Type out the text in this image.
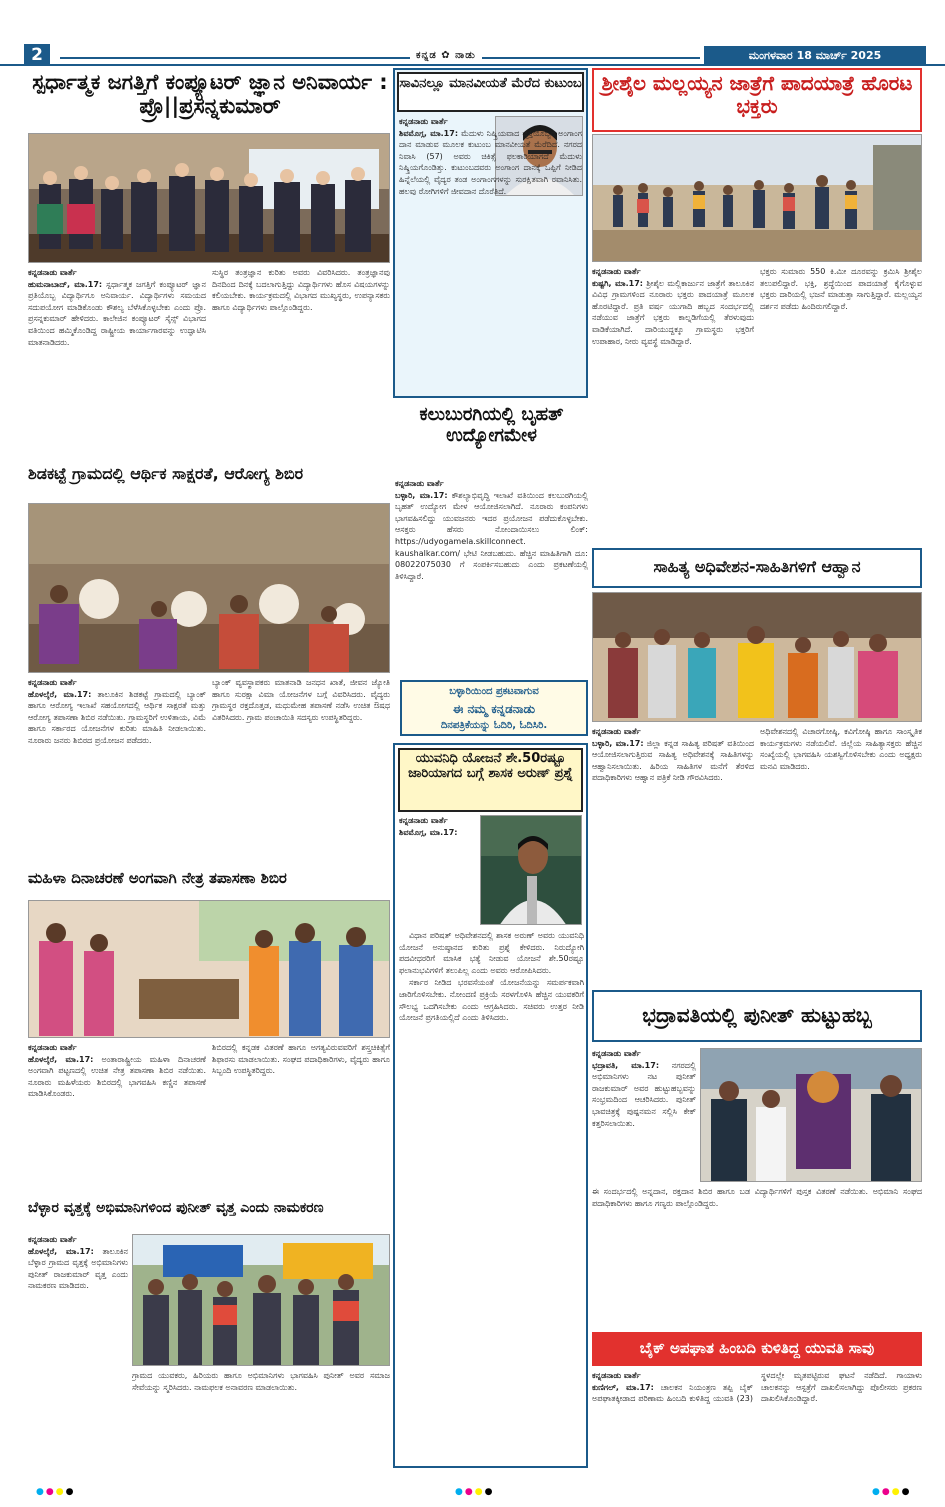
2	ಕನ್ನಡ ✿ ನಾಡು	ಮಂಗಳವಾರ 18 ಮಾರ್ಚ್ 2025
ಸ್ಪರ್ಧಾತ್ಮಕ ಜಗತ್ತಿಗೆ ಕಂಪ್ಯೂಟರ್ ಜ್ಞಾನ ಅನಿವಾರ್ಯ : ಪ್ರೊ||ಪ್ರಸನ್ನಕುಮಾರ್
ಕನ್ನಡನಾಡು ವಾರ್ತೆ
ಹುಮನಾಬಾದ್, ಮಾ.17: ಸ್ಪರ್ಧಾತ್ಮಕ ಜಗತ್ತಿಗೆ ಕಂಪ್ಯೂಟರ್ ಜ್ಞಾನ ಪ್ರತಿಯೊಬ್ಬ ವಿದ್ಯಾರ್ಥಿಗೂ ಅನಿವಾರ್ಯ. ವಿದ್ಯಾರ್ಥಿಗಳು ಸಮಯದ ಸದುಪಯೋಗ ಮಾಡಿಕೊಂಡು ಕೌಶಲ್ಯ ಬೆಳೆಸಿಕೊಳ್ಳಬೇಕು ಎಂದು ಪ್ರೊ. ಪ್ರಸನ್ನಕುಮಾರ್ ಹೇಳಿದರು. ಕಾಲೇಜಿನ ಕಂಪ್ಯೂಟರ್ ಸೈನ್ಸ್ ವಿಭಾಗದ ವತಿಯಿಂದ ಹಮ್ಮಿಕೊಂಡಿದ್ದ ರಾಷ್ಟ್ರೀಯ ಕಾರ್ಯಾಗಾರವನ್ನು ಉದ್ಘಾಟಿಸಿ ಮಾತನಾಡಿದರು.
ಸುಸ್ಥಿರ ತಂತ್ರಜ್ಞಾನ ಕುರಿತು ಅವರು ವಿವರಿಸಿದರು. ತಂತ್ರಜ್ಞಾನವು ದಿನದಿಂದ ದಿನಕ್ಕೆ ಬದಲಾಗುತ್ತಿದ್ದು ವಿದ್ಯಾರ್ಥಿಗಳು ಹೊಸ ವಿಷಯಗಳನ್ನು ಕಲಿಯಬೇಕು. ಕಾರ್ಯಕ್ರಮದಲ್ಲಿ ವಿಭಾಗದ ಮುಖ್ಯಸ್ಥರು, ಉಪನ್ಯಾಸಕರು ಹಾಗೂ ವಿದ್ಯಾರ್ಥಿಗಳು ಪಾಲ್ಗೊಂಡಿದ್ದರು.
ಸಾವಿನಲ್ಲೂ ಮಾನವೀಯತೆ ಮೆರೆದ ಕುಟುಂಬ
ಕನ್ನಡನಾಡು ವಾರ್ತೆ
ಶಿವಮೊಗ್ಗ, ಮಾ.17: ಮೆದುಳು ನಿಷ್ಕ್ರಿಯವಾದ ವ್ಯಕ್ತಿಯೊಬ್ಬರ ಅಂಗಾಂಗ ದಾನ ಮಾಡುವ ಮೂಲಕ ಕುಟುಂಬ ಮಾನವೀಯತೆ ಮೆರೆದಿದೆ. ನಗರದ ನಿವಾಸಿ (57) ಅವರು ಚಿಕಿತ್ಸೆ ಫಲಕಾರಿಯಾಗದೆ ಮೆದುಳು ನಿಷ್ಕ್ರಿಯಗೊಂಡಿತ್ತು. ಕುಟುಂಬದವರು ಅಂಗಾಂಗ ದಾನಕ್ಕೆ ಒಪ್ಪಿಗೆ ನೀಡಿದ ಹಿನ್ನೆಲೆಯಲ್ಲಿ ವೈದ್ಯರ ತಂಡ ಅಂಗಾಂಗಗಳನ್ನು ಸುರಕ್ಷಿತವಾಗಿ ರವಾನಿಸಿತು. ಹಲವು ರೋಗಿಗಳಿಗೆ ಜೀವದಾನ ದೊರೆತಿದೆ.
ಶ್ರೀಶೈಲ ಮಲ್ಲಯ್ಯನ ಜಾತ್ರೆಗೆ ಪಾದಯಾತ್ರೆ ಹೊರಟ ಭಕ್ತರು
ಕನ್ನಡನಾಡು ವಾರ್ತೆ
ಕುಷ್ಟಗಿ, ಮಾ.17: ಶ್ರೀಶೈಲ ಮಲ್ಲಿಕಾರ್ಜುನ ಜಾತ್ರೆಗೆ ತಾಲೂಕಿನ ವಿವಿಧ ಗ್ರಾಮಗಳಿಂದ ನೂರಾರು ಭಕ್ತರು ಪಾದಯಾತ್ರೆ ಮೂಲಕ ಹೊರಟಿದ್ದಾರೆ. ಪ್ರತಿ ವರ್ಷ ಯುಗಾದಿ ಹಬ್ಬದ ಸಂದರ್ಭದಲ್ಲಿ ನಡೆಯುವ ಜಾತ್ರೆಗೆ ಭಕ್ತರು ಕಾಲ್ನಡಿಗೆಯಲ್ಲಿ ತೆರಳುವುದು ವಾಡಿಕೆಯಾಗಿದೆ. ದಾರಿಯುದ್ದಕ್ಕೂ ಗ್ರಾಮಸ್ಥರು ಭಕ್ತರಿಗೆ ಉಪಾಹಾರ, ನೀರು ವ್ಯವಸ್ಥೆ ಮಾಡಿದ್ದಾರೆ.
ಭಕ್ತರು ಸುಮಾರು 550 ಕಿ.ಮೀ ದೂರವನ್ನು ಕ್ರಮಿಸಿ ಶ್ರೀಶೈಲ ತಲುಪಲಿದ್ದಾರೆ. ಭಕ್ತಿ, ಶ್ರದ್ಧೆಯಿಂದ ಪಾದಯಾತ್ರೆ ಕೈಗೊಳ್ಳುವ ಭಕ್ತರು ದಾರಿಯಲ್ಲಿ ಭಜನೆ ಮಾಡುತ್ತಾ ಸಾಗುತ್ತಿದ್ದಾರೆ. ಮಲ್ಲಯ್ಯನ ದರ್ಶನ ಪಡೆದು ಹಿಂದಿರುಗಲಿದ್ದಾರೆ.
ಕಲುಬುರಗಿಯಲ್ಲಿ ಬೃಹತ್ ಉದ್ಯೋಗಮೇಳ
ಕನ್ನಡನಾಡು ವಾರ್ತೆ
ಬಳ್ಳಾರಿ, ಮಾ.17: ಕೌಶಲ್ಯಾಭಿವೃದ್ಧಿ ಇಲಾಖೆ ವತಿಯಿಂದ ಕಲಬುರಗಿಯಲ್ಲಿ ಬೃಹತ್ ಉದ್ಯೋಗ ಮೇಳ ಆಯೋಜಿಸಲಾಗಿದೆ. ನೂರಾರು ಕಂಪನಿಗಳು ಭಾಗವಹಿಸಲಿದ್ದು ಯುವಜನರು ಇದರ ಪ್ರಯೋಜನ ಪಡೆದುಕೊಳ್ಳಬೇಕು. ಆಸಕ್ತರು ಹೆಸರು ನೋಂದಾಯಿಸಲು ಲಿಂಕ್: https://udyogamela.skillconnect. kaushalkar.com/ ಭೇಟಿ ನೀಡಬಹುದು. ಹೆಚ್ಚಿನ ಮಾಹಿತಿಗಾಗಿ ದೂ: 08022075030 ಗೆ ಸಂಪರ್ಕಿಸಬಹುದು ಎಂದು ಪ್ರಕಟಣೆಯಲ್ಲಿ ತಿಳಿಸಿದ್ದಾರೆ.
ಬಳ್ಳಾರಿಯಿಂದ ಪ್ರಕಟವಾಗುವ
ಈ ನಮ್ಮ ಕನ್ನಡನಾಡು
ದಿನಪತ್ರಿಕೆಯನ್ನು ಓದಿರಿ, ಓದಿಸಿರಿ.
ಶಿಡಕಟ್ಟೆ ಗ್ರಾಮದಲ್ಲಿ ಆರ್ಥಿಕ ಸಾಕ್ಷರತೆ, ಆರೋಗ್ಯ ಶಿಬಿರ
ಕನ್ನಡನಾಡು ವಾರ್ತೆ
ಹೊಳಲ್ಕೆರೆ, ಮಾ.17: ತಾಲೂಕಿನ ಶಿಡಕಟ್ಟೆ ಗ್ರಾಮದಲ್ಲಿ ಬ್ಯಾಂಕ್ ಹಾಗೂ ಆರೋಗ್ಯ ಇಲಾಖೆ ಸಹಯೋಗದಲ್ಲಿ ಆರ್ಥಿಕ ಸಾಕ್ಷರತೆ ಮತ್ತು ಆರೋಗ್ಯ ತಪಾಸಣಾ ಶಿಬಿರ ನಡೆಯಿತು. ಗ್ರಾಮಸ್ಥರಿಗೆ ಉಳಿತಾಯ, ವಿಮೆ ಹಾಗೂ ಸರ್ಕಾರದ ಯೋಜನೆಗಳ ಕುರಿತು ಮಾಹಿತಿ ನೀಡಲಾಯಿತು. ನೂರಾರು ಜನರು ಶಿಬಿರದ ಪ್ರಯೋಜನ ಪಡೆದರು.
ಬ್ಯಾಂಕ್ ವ್ಯವಸ್ಥಾಪಕರು ಮಾತನಾಡಿ ಜನಧನ ಖಾತೆ, ಜೀವನ ಜ್ಯೋತಿ ಹಾಗೂ ಸುರಕ್ಷಾ ವಿಮಾ ಯೋಜನೆಗಳ ಬಗ್ಗೆ ವಿವರಿಸಿದರು. ವೈದ್ಯರು ಗ್ರಾಮಸ್ಥರ ರಕ್ತದೊತ್ತಡ, ಮಧುಮೇಹ ತಪಾಸಣೆ ನಡೆಸಿ ಉಚಿತ ಔಷಧ ವಿತರಿಸಿದರು. ಗ್ರಾಮ ಪಂಚಾಯಿತಿ ಸದಸ್ಯರು ಉಪಸ್ಥಿತರಿದ್ದರು.
ಯುವನಿಧಿ ಯೋಜನೆ ಶೇ.50ರಷ್ಟೂ ಜಾರಿಯಾಗದ ಬಗ್ಗೆ ಶಾಸಕ ಅರುಣ್ ಪ್ರಶ್ನೆ
ಕನ್ನಡನಾಡು ವಾರ್ತೆ
ಶಿವಮೊಗ್ಗ, ಮಾ.17:

ವಿಧಾನ ಪರಿಷತ್ ಅಧಿವೇಶನದಲ್ಲಿ ಶಾಸಕ ಅರುಣ್ ಅವರು ಯುವನಿಧಿ ಯೋಜನೆ ಅನುಷ್ಠಾನದ ಕುರಿತು ಪ್ರಶ್ನೆ ಕೇಳಿದರು. ನಿರುದ್ಯೋಗಿ ಪದವೀಧರರಿಗೆ ಮಾಸಿಕ ಭತ್ಯೆ ನೀಡುವ ಯೋಜನೆ ಶೇ.50ರಷ್ಟೂ ಫಲಾನುಭವಿಗಳಿಗೆ ತಲುಪಿಲ್ಲ ಎಂದು ಅವರು ಆರೋಪಿಸಿದರು.

ಸರ್ಕಾರ ನೀಡಿದ ಭರವಸೆಯಂತೆ ಯೋಜನೆಯನ್ನು ಸಮರ್ಪಕವಾಗಿ ಜಾರಿಗೊಳಿಸಬೇಕು. ನೋಂದಣಿ ಪ್ರಕ್ರಿಯೆ ಸರಳಗೊಳಿಸಿ ಹೆಚ್ಚಿನ ಯುವಕರಿಗೆ ಸೌಲಭ್ಯ ಒದಗಿಸಬೇಕು ಎಂದು ಆಗ್ರಹಿಸಿದರು. ಸಚಿವರು ಉತ್ತರ ನೀಡಿ ಯೋಜನೆ ಪ್ರಗತಿಯಲ್ಲಿದೆ ಎಂದು ತಿಳಿಸಿದರು.

ಸಾಹಿತ್ಯ ಅಧಿವೇಶನ-ಸಾಹಿತಿಗಳಿಗೆ ಆಹ್ವಾನ
ಕನ್ನಡನಾಡು ವಾರ್ತೆ
ಬಳ್ಳಾರಿ, ಮಾ.17: ಜಿಲ್ಲಾ ಕನ್ನಡ ಸಾಹಿತ್ಯ ಪರಿಷತ್ ವತಿಯಿಂದ ಆಯೋಜಿಸಲಾಗುತ್ತಿರುವ ಸಾಹಿತ್ಯ ಅಧಿವೇಶನಕ್ಕೆ ಸಾಹಿತಿಗಳನ್ನು ಆಹ್ವಾನಿಸಲಾಯಿತು. ಹಿರಿಯ ಸಾಹಿತಿಗಳ ಮನೆಗೆ ತೆರಳಿದ ಪದಾಧಿಕಾರಿಗಳು ಆಹ್ವಾನ ಪತ್ರಿಕೆ ನೀಡಿ ಗೌರವಿಸಿದರು.
ಅಧಿವೇಶನದಲ್ಲಿ ವಿಚಾರಗೋಷ್ಠಿ, ಕವಿಗೋಷ್ಠಿ ಹಾಗೂ ಸಾಂಸ್ಕೃತಿಕ ಕಾರ್ಯಕ್ರಮಗಳು ನಡೆಯಲಿವೆ. ಜಿಲ್ಲೆಯ ಸಾಹಿತ್ಯಾಸಕ್ತರು ಹೆಚ್ಚಿನ ಸಂಖ್ಯೆಯಲ್ಲಿ ಭಾಗವಹಿಸಿ ಯಶಸ್ವಿಗೊಳಿಸಬೇಕು ಎಂದು ಅಧ್ಯಕ್ಷರು ಮನವಿ ಮಾಡಿದರು.
ಮಹಿಳಾ ದಿನಾಚರಣೆ ಅಂಗವಾಗಿ ನೇತ್ರ ತಪಾಸಣಾ ಶಿಬಿರ
ಕನ್ನಡನಾಡು ವಾರ್ತೆ
ಹೊಳಲ್ಕೆರೆ, ಮಾ.17: ಅಂತಾರಾಷ್ಟ್ರೀಯ ಮಹಿಳಾ ದಿನಾಚರಣೆ ಅಂಗವಾಗಿ ಪಟ್ಟಣದಲ್ಲಿ ಉಚಿತ ನೇತ್ರ ತಪಾಸಣಾ ಶಿಬಿರ ನಡೆಯಿತು. ನೂರಾರು ಮಹಿಳೆಯರು ಶಿಬಿರದಲ್ಲಿ ಭಾಗವಹಿಸಿ ಕಣ್ಣಿನ ತಪಾಸಣೆ ಮಾಡಿಸಿಕೊಂಡರು.
ಶಿಬಿರದಲ್ಲಿ ಕನ್ನಡಕ ವಿತರಣೆ ಹಾಗೂ ಅಗತ್ಯವಿರುವವರಿಗೆ ಶಸ್ತ್ರಚಿಕಿತ್ಸೆಗೆ ಶಿಫಾರಸು ಮಾಡಲಾಯಿತು. ಸಂಘದ ಪದಾಧಿಕಾರಿಗಳು, ವೈದ್ಯರು ಹಾಗೂ ಸಿಬ್ಬಂದಿ ಉಪಸ್ಥಿತರಿದ್ದರು.
ಭದ್ರಾವತಿಯಲ್ಲಿ ಪುನೀತ್ ಹುಟ್ಟುಹಬ್ಬ
ಕನ್ನಡನಾಡು ವಾರ್ತೆ
ಭದ್ರಾವತಿ, ಮಾ.17: ನಗರದಲ್ಲಿ ಅಭಿಮಾನಿಗಳು ನಟ ಪುನೀತ್ ರಾಜಕುಮಾರ್ ಅವರ ಹುಟ್ಟುಹಬ್ಬವನ್ನು ಸಂಭ್ರಮದಿಂದ ಆಚರಿಸಿದರು. ಪುನೀತ್ ಭಾವಚಿತ್ರಕ್ಕೆ ಪುಷ್ಪನಮನ ಸಲ್ಲಿಸಿ ಕೇಕ್ ಕತ್ತರಿಸಲಾಯಿತು.
ಈ ಸಂದರ್ಭದಲ್ಲಿ ಅನ್ನದಾನ, ರಕ್ತದಾನ ಶಿಬಿರ ಹಾಗೂ ಬಡ ವಿದ್ಯಾರ್ಥಿಗಳಿಗೆ ಪುಸ್ತಕ ವಿತರಣೆ ನಡೆಯಿತು. ಅಭಿಮಾನಿ ಸಂಘದ ಪದಾಧಿಕಾರಿಗಳು ಹಾಗೂ ಗಣ್ಯರು ಪಾಲ್ಗೊಂಡಿದ್ದರು.
ಬೆಳ್ಳಾರ ವೃತ್ತಕ್ಕೆ ಅಭಿಮಾನಿಗಳಿಂದ ಪುನೀತ್ ವೃತ್ತ ಎಂದು ನಾಮಕರಣ
ಕನ್ನಡನಾಡು ವಾರ್ತೆ
ಹೊಳಲ್ಕೆರೆ, ಮಾ.17: ತಾಲೂಕಿನ ಬೆಳ್ಳಾರ ಗ್ರಾಮದ ವೃತ್ತಕ್ಕೆ ಅಭಿಮಾನಿಗಳು ಪುನೀತ್ ರಾಜಕುಮಾರ್ ವೃತ್ತ ಎಂದು ನಾಮಕರಣ ಮಾಡಿದರು.
ಗ್ರಾಮದ ಯುವಕರು, ಹಿರಿಯರು ಹಾಗೂ ಅಭಿಮಾನಿಗಳು ಭಾಗವಹಿಸಿ ಪುನೀತ್ ಅವರ ಸಮಾಜ ಸೇವೆಯನ್ನು ಸ್ಮರಿಸಿದರು. ನಾಮಫಲಕ ಅನಾವರಣ ಮಾಡಲಾಯಿತು.
ಬೈಕ್ ಅಪಘಾತ ಹಿಂಬದಿ ಕುಳಿತಿದ್ದ ಯುವತಿ ಸಾವು
ಕನ್ನಡನಾಡು ವಾರ್ತೆ
ಕುಣಿಗಲ್, ಮಾ.17: ಚಾಲಕನ ನಿಯಂತ್ರಣ ತಪ್ಪಿ ಬೈಕ್ ಅಪಘಾತಕ್ಕೀಡಾದ ಪರಿಣಾಮ ಹಿಂಬದಿ ಕುಳಿತಿದ್ದ ಯುವತಿ (23) ಸ್ಥಳದಲ್ಲೇ ಮೃತಪಟ್ಟಿರುವ ಘಟನೆ ನಡೆದಿದೆ. ಗಾಯಾಳು ಚಾಲಕನನ್ನು ಆಸ್ಪತ್ರೆಗೆ ದಾಖಲಿಸಲಾಗಿದ್ದು ಪೊಲೀಸರು ಪ್ರಕರಣ ದಾಖಲಿಸಿಕೊಂಡಿದ್ದಾರೆ.
●●●●	●●●●	●●●●
